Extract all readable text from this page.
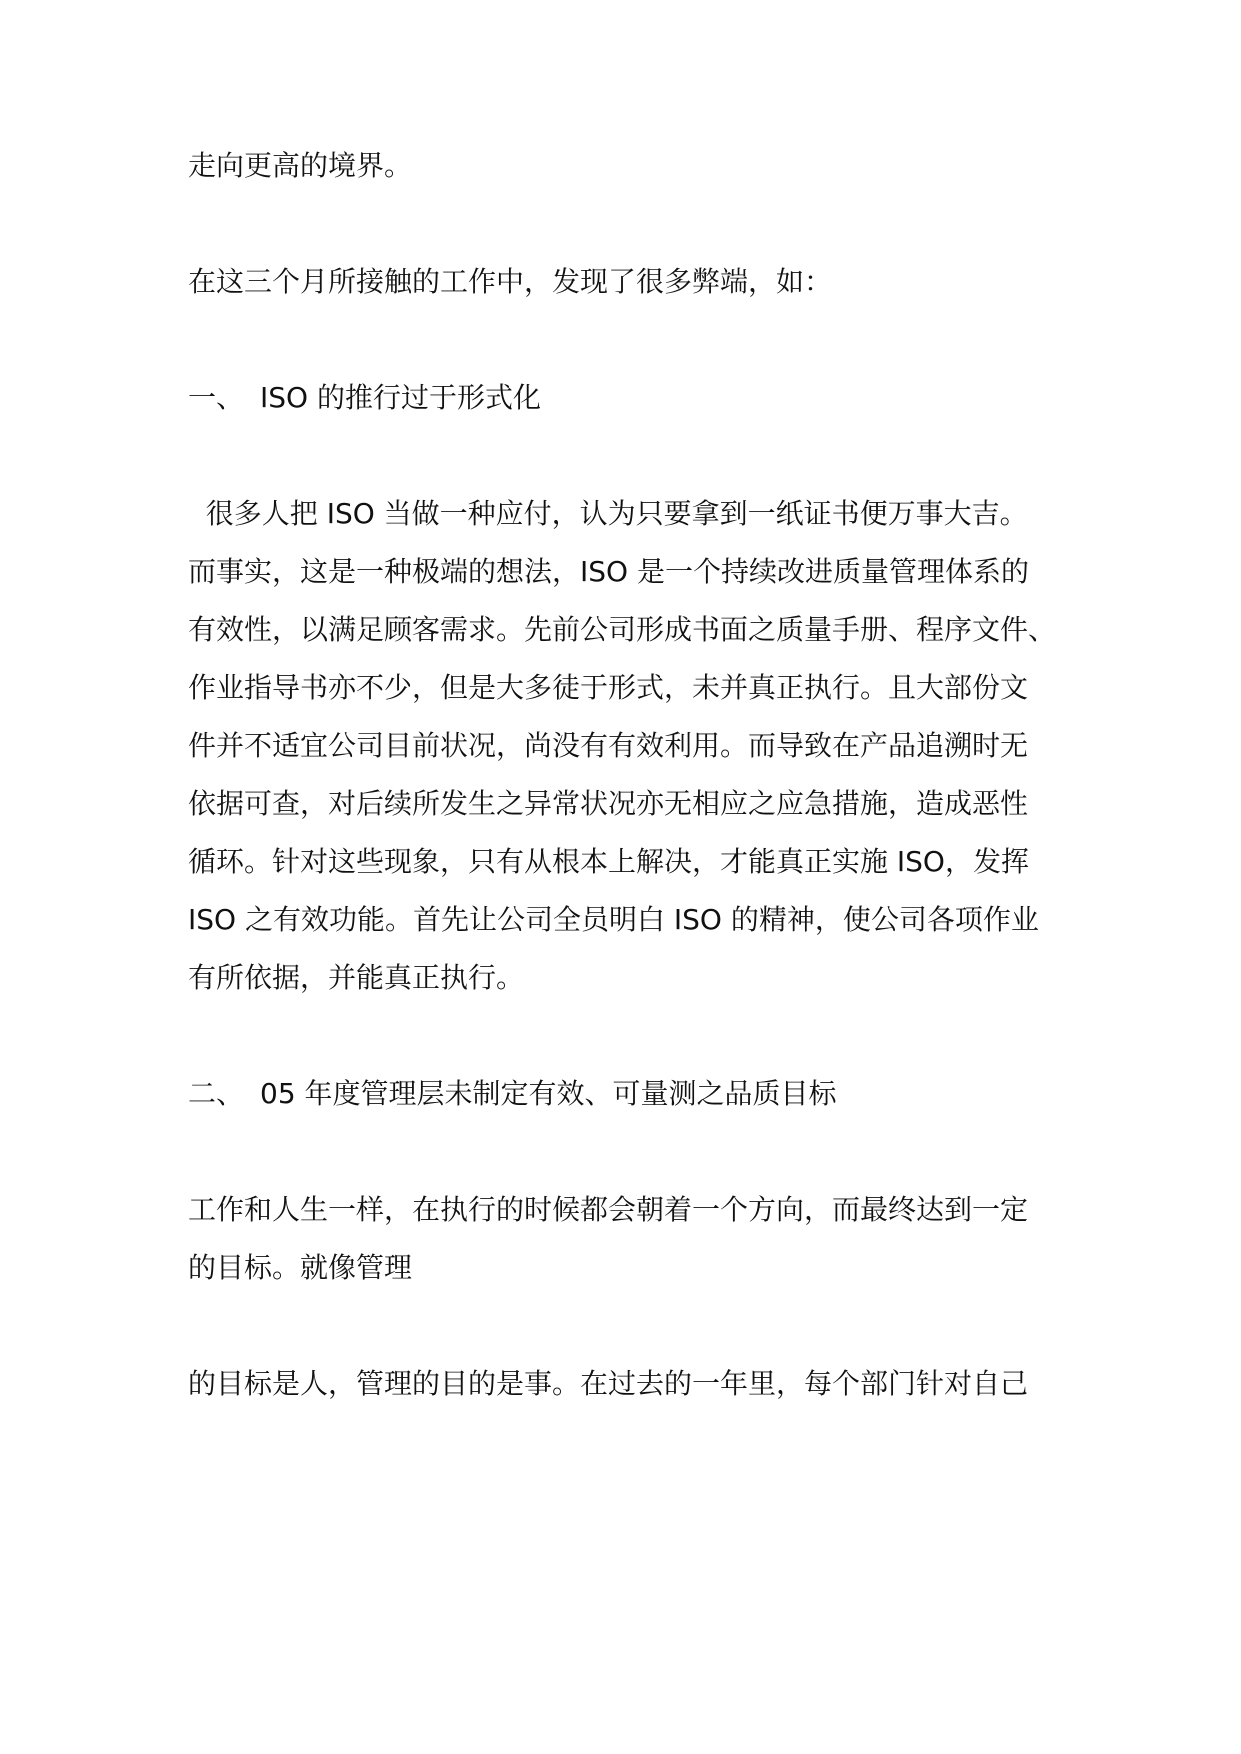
走向更高的境界。
在这三个月所接触的工作中，发现了很多弊端，如：
一、 ISO 的推行过于形式化
很多人把 ISO 当做一种应付，认为只要拿到一纸证书便万事大吉。
而事实，这是一种极端的想法，ISO 是一个持续改进质量管理体系的
有效性，以满足顾客需求。先前公司形成书面之质量手册、程序文件、
作业指导书亦不少，但是大多徒于形式，未并真正执行。且大部份文
件并不适宜公司目前状况，尚没有有效利用。而导致在产品追溯时无
依据可查，对后续所发生之异常状况亦无相应之应急措施，造成恶性
循环。针对这些现象，只有从根本上解决，才能真正实施 ISO，发挥
ISO 之有效功能。首先让公司全员明白 ISO 的精神，使公司各项作业
有所依据，并能真正执行。
二、 05 年度管理层未制定有效、可量测之品质目标
工作和人生一样，在执行的时候都会朝着一个方向，而最终达到一定
的目标。就像管理
的目标是人，管理的目的是事。在过去的一年里，每个部门针对自己
